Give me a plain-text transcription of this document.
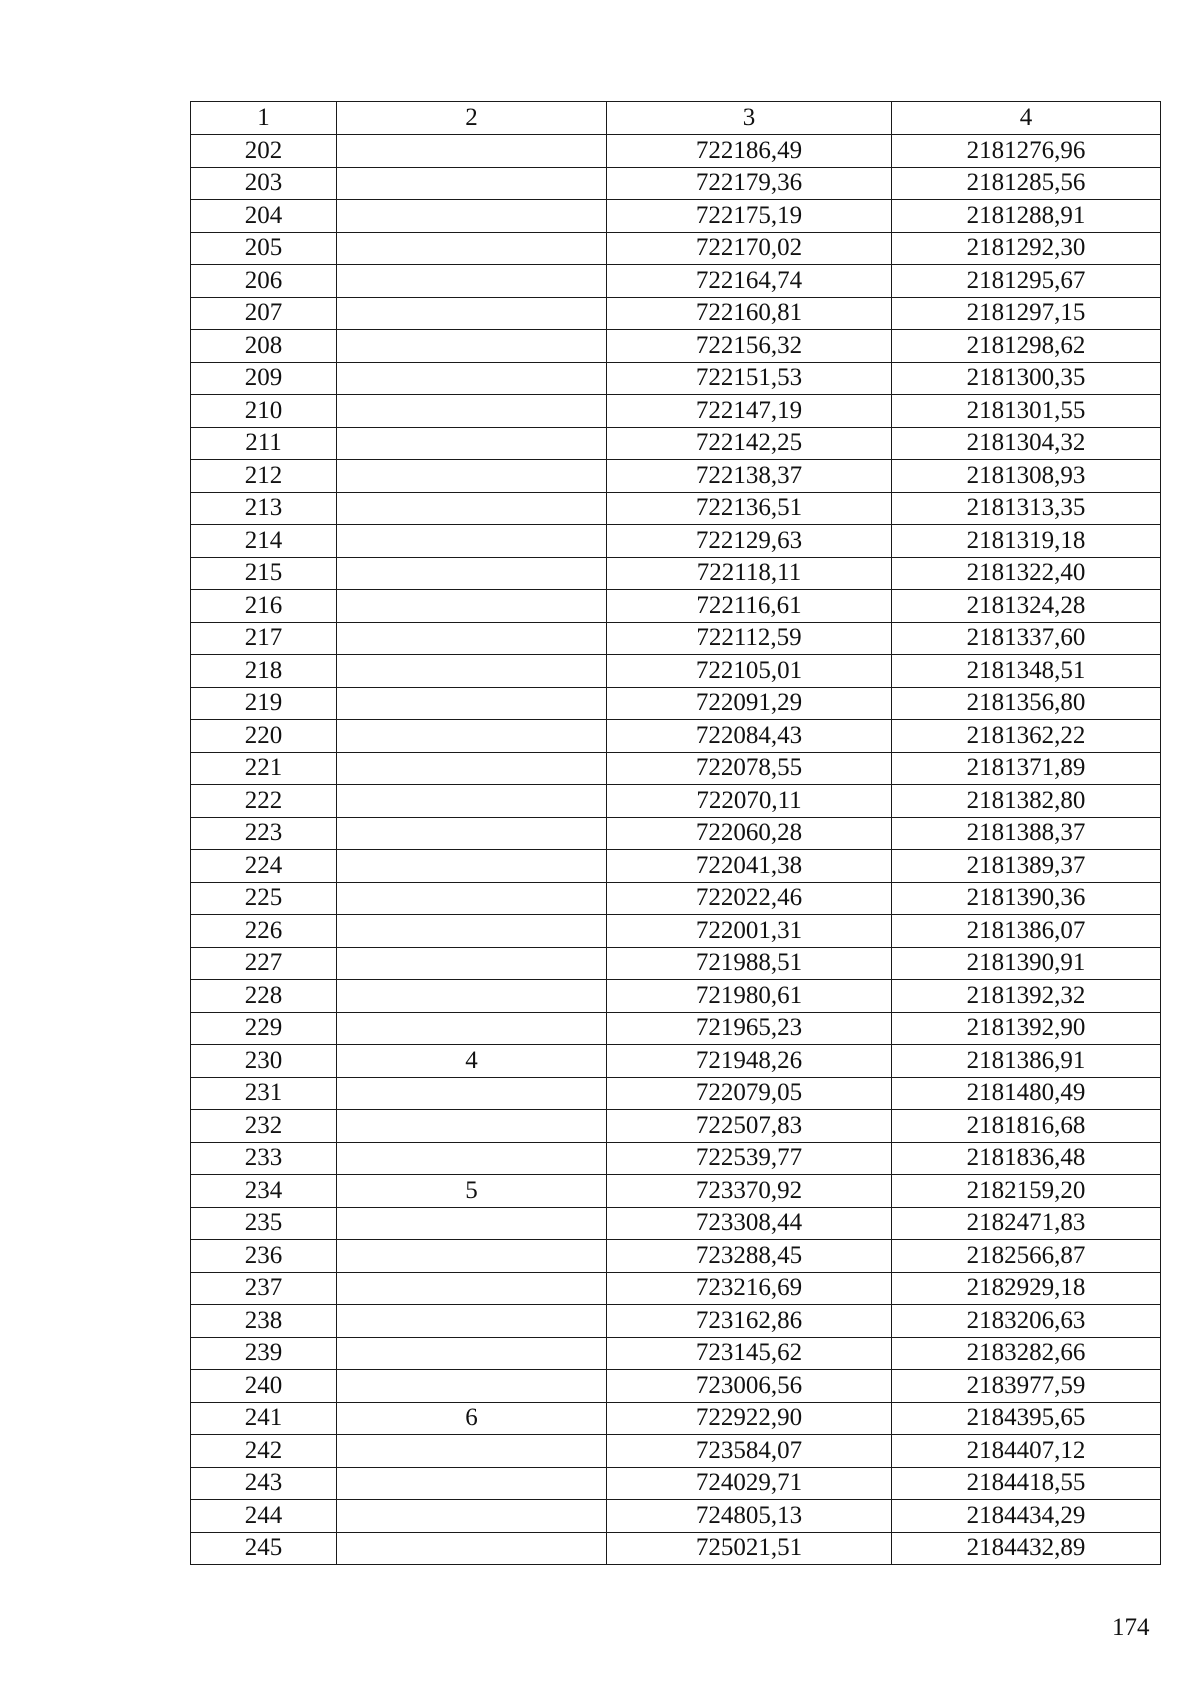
1	2	3	4
202		722186,49	2181276,96
203		722179,36	2181285,56
204		722175,19	2181288,91
205		722170,02	2181292,30
206		722164,74	2181295,67
207		722160,81	2181297,15
208		722156,32	2181298,62
209		722151,53	2181300,35
210		722147,19	2181301,55
211		722142,25	2181304,32
212		722138,37	2181308,93
213		722136,51	2181313,35
214		722129,63	2181319,18
215		722118,11	2181322,40
216		722116,61	2181324,28
217		722112,59	2181337,60
218		722105,01	2181348,51
219		722091,29	2181356,80
220		722084,43	2181362,22
221		722078,55	2181371,89
222		722070,11	2181382,80
223		722060,28	2181388,37
224		722041,38	2181389,37
225		722022,46	2181390,36
226		722001,31	2181386,07
227		721988,51	2181390,91
228		721980,61	2181392,32
229		721965,23	2181392,90
230	4	721948,26	2181386,91
231		722079,05	2181480,49
232		722507,83	2181816,68
233		722539,77	2181836,48
234	5	723370,92	2182159,20
235		723308,44	2182471,83
236		723288,45	2182566,87
237		723216,69	2182929,18
238		723162,86	2183206,63
239		723145,62	2183282,66
240		723006,56	2183977,59
241	6	722922,90	2184395,65
242		723584,07	2184407,12
243		724029,71	2184418,55
244		724805,13	2184434,29
245		725021,51	2184432,89
174
